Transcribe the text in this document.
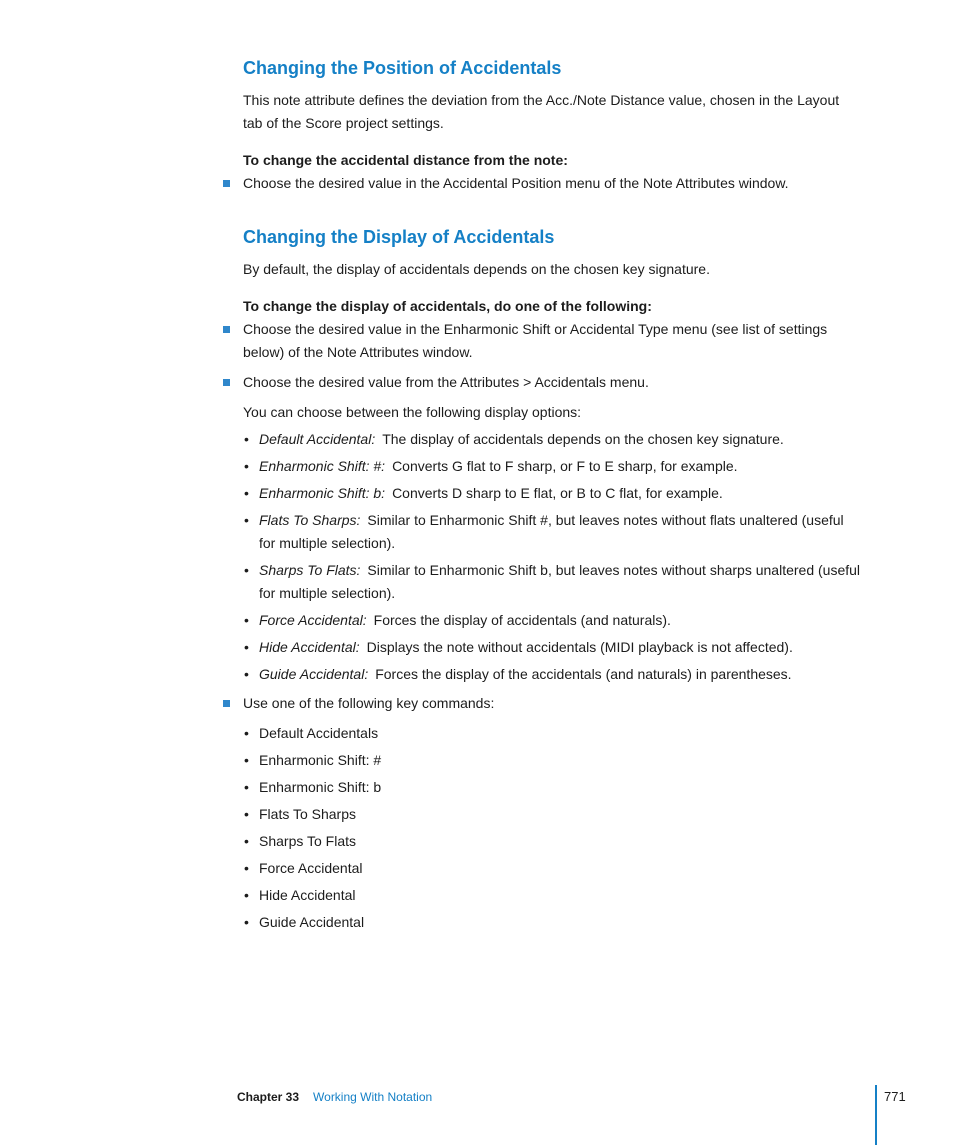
Changing the Position of Accidentals

This note attribute defines the deviation from the Acc./Note Distance value, chosen in the Layout tab of the Score project settings.

To change the accidental distance from the note:

Choose the desired value in the Accidental Position menu of the Note Attributes window.
Changing the Display of Accidentals

By default, the display of accidentals depends on the chosen key signature.

To change the display of accidentals, do one of the following:

Choose the desired value in the Enharmonic Shift or Accidental Type menu (see list of settings below) of the Note Attributes window.
Choose the desired value from the Attributes > Accidentals menu.

You can choose between the following display options:

• Default Accidental: The display of accidentals depends on the chosen key signature.
• Enharmonic Shift: #: Converts G flat to F sharp, or F to E sharp, for example.
• Enharmonic Shift: b: Converts D sharp to E flat, or B to C flat, for example.
• Flats To Sharps: Similar to Enharmonic Shift #, but leaves notes without flats unaltered (useful for multiple selection).
• Sharps To Flats: Similar to Enharmonic Shift b, but leaves notes without sharps unaltered (useful for multiple selection).
• Force Accidental: Forces the display of accidentals (and naturals).
• Hide Accidental: Displays the note without accidentals (MIDI playback is not affected).
• Guide Accidental: Forces the display of the accidentals (and naturals) in parentheses.
Use one of the following key commands:
• Default Accidentals
• Enharmonic Shift: #
• Enharmonic Shift: b
• Flats To Sharps
• Sharps To Flats
• Force Accidental
• Hide Accidental
• Guide Accidental
Chapter 33 Working With Notation	771
